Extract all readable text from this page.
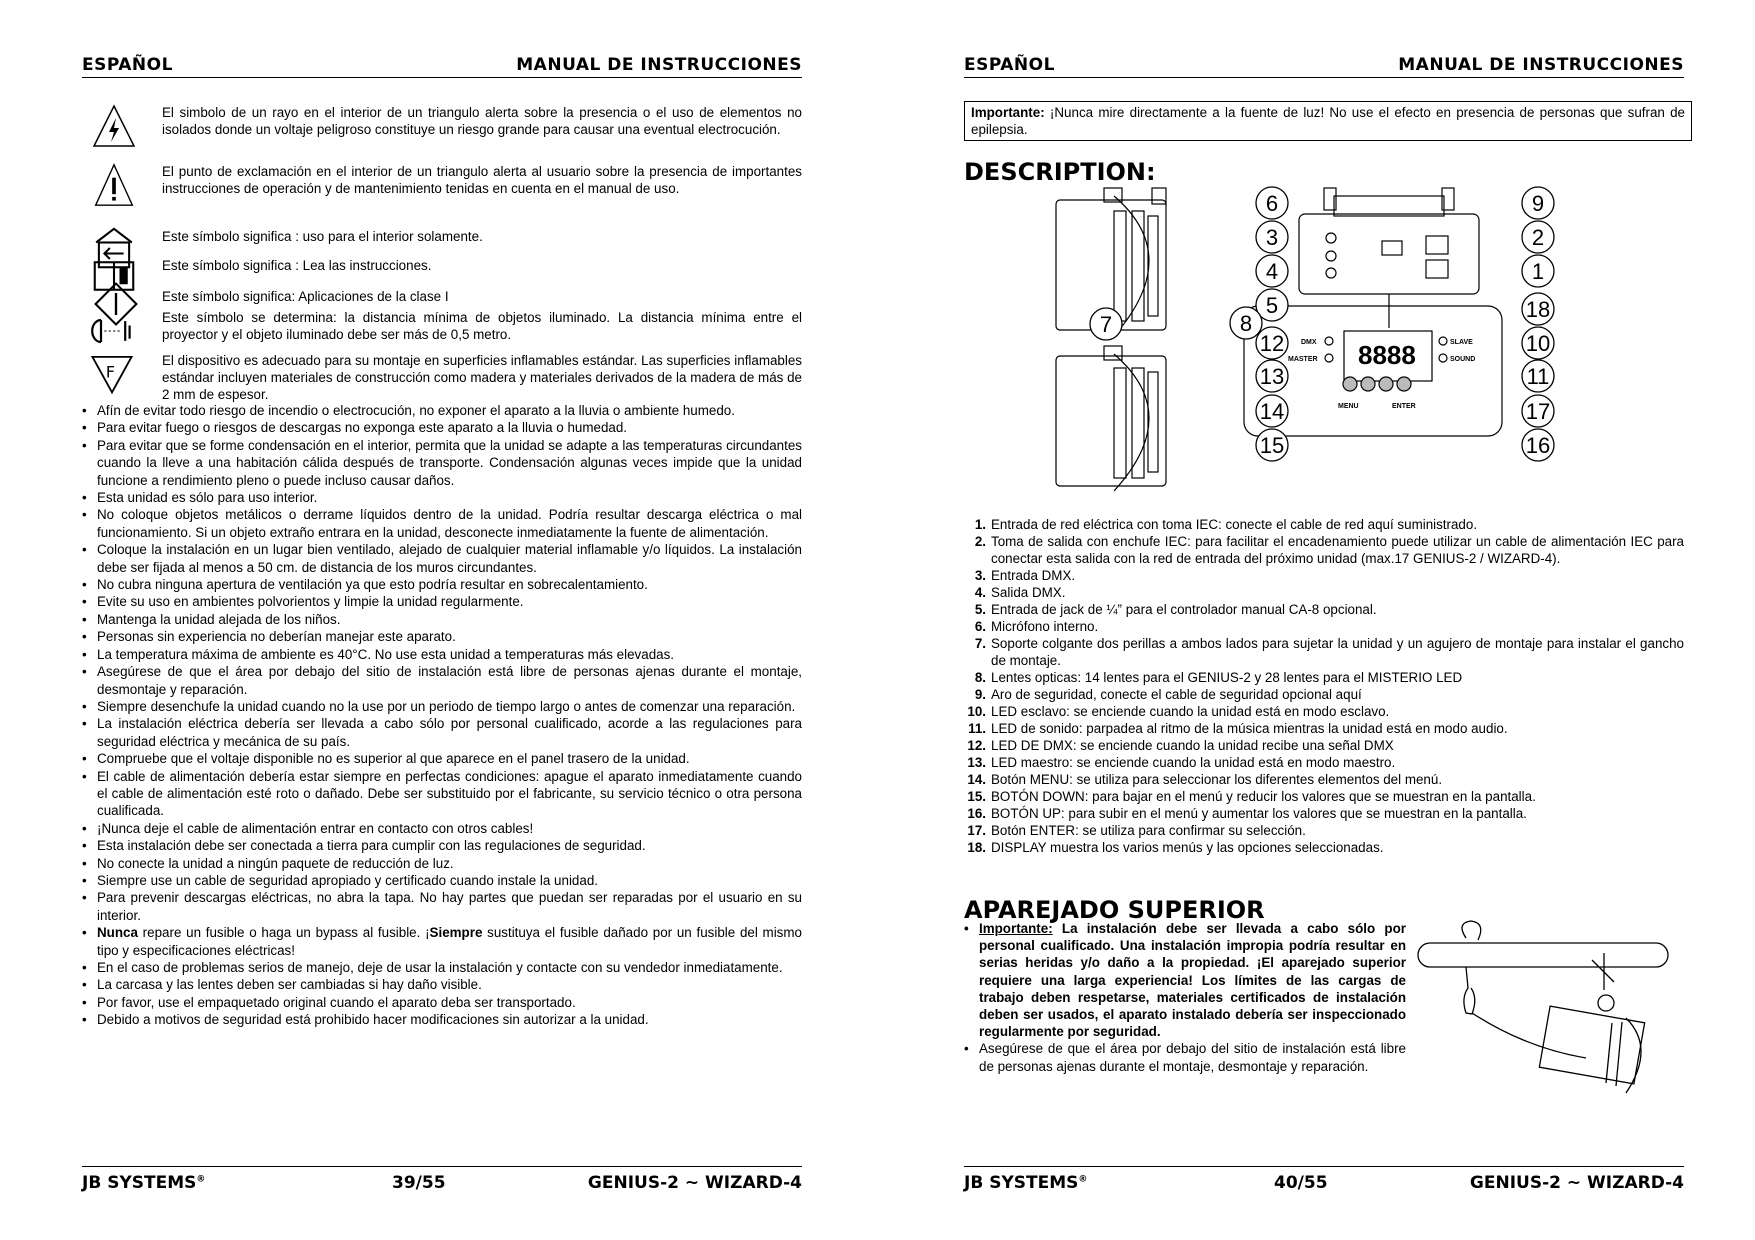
ESPAÑOL	MANUAL DE INSTRUCCIONES
El simbolo de un rayo en el interior de un triangulo alerta sobre la presencia o el uso de elementos no isolados donde un voltaje peligroso constituye un riesgo grande para causar una eventual electrocución.
El punto de exclamación en el interior de un triangulo alerta al usuario sobre la presencia de importantes instrucciones de operación y de mantenimiento tenidas en cuenta en el manual de uso.
Este símbolo significa : uso para el interior solamente.
Este símbolo significa : Lea las instrucciones.
Este símbolo significa: Aplicaciones de la clase I
Este símbolo se determina: la distancia mínima de objetos iluminado. La distancia mínima entre el proyector y el objeto iluminado debe ser más de 0,5 metro.
F
El dispositivo es adecuado para su montaje en superficies inflamables estándar. Las superficies inflamables estándar incluyen materiales de construcción como madera y materiales derivados de la madera de más de 2 mm de espesor.
• Afín de evitar todo riesgo de incendio o electrocución, no exponer el aparato a la lluvia o ambiente humedo.
• Para evitar fuego o riesgos de descargas no exponga este aparato a la lluvia o humedad.
• Para evitar que se forme condensación en el interior, permita que la unidad se adapte a las temperaturas circundantes cuando la lleve a una habitación cálida después de transporte. Condensación algunas veces impide que la unidad funcione a rendimiento pleno o puede incluso causar daños.
• Esta unidad es sólo para uso interior.
• No coloque objetos metálicos o derrame líquidos dentro de la unidad. Podría resultar descarga eléctrica o mal funcionamiento. Si un objeto extraño entrara en la unidad, desconecte inmediatamente la fuente de alimentación.
• Coloque la instalación en un lugar bien ventilado, alejado de cualquier material inflamable y/o líquidos. La instalación debe ser fijada al menos a 50 cm. de distancia de los muros circundantes.
• No cubra ninguna apertura de ventilación ya que esto podría resultar en sobrecalentamiento.
• Evite su uso en ambientes polvorientos y limpie la unidad regularmente.
• Mantenga la unidad alejada de los niños.
• Personas sin experiencia no deberían manejar este aparato.
• La temperatura máxima de ambiente es 40°C. No use esta unidad a temperaturas más elevadas.
• Asegúrese de que el área por debajo del sitio de instalación está libre de personas ajenas durante el montaje, desmontaje y reparación.
• Siempre desenchufe la unidad cuando no la use por un periodo de tiempo largo o antes de comenzar una reparación.
• La instalación eléctrica debería ser llevada a cabo sólo por personal cualificado, acorde a las regulaciones para seguridad eléctrica y mecánica de su país.
• Compruebe que el voltaje disponible no es superior al que aparece en el panel trasero de la unidad.
• El cable de alimentación debería estar siempre en perfectas condiciones: apague el aparato inmediatamente cuando el cable de alimentación esté roto o dañado. Debe ser substituido por el fabricante, su servicio técnico o otra persona cualificada.
• ¡Nunca deje el cable de alimentación entrar en contacto con otros cables!
• Esta instalación debe ser conectada a tierra para cumplir con las regulaciones de seguridad.
• No conecte la unidad a ningún paquete de reducción de luz.
• Siempre use un cable de seguridad apropiado y certificado cuando instale la unidad.
• Para prevenir descargas eléctricas, no abra la tapa. No hay partes que puedan ser reparadas por el usuario en su interior.
• Nunca repare un fusible o haga un bypass al fusible. ¡Siempre sustituya el fusible dañado por un fusible del mismo tipo y especificaciones eléctricas!
• En el caso de problemas serios de manejo, deje de usar la instalación y contacte con su vendedor inmediatamente.
• La carcasa y las lentes deben ser cambiadas si hay daño visible.
• Por favor, use el empaquetado original cuando el aparato deba ser transportado.
• Debido a motivos de seguridad está prohibido hacer modificaciones sin autorizar a la unidad.
JB SYSTEMS®	39/55	GENIUS-2 ~ WIZARD-4
ESPAÑOL	MANUAL DE INSTRUCCIONES
Importante: ¡Nunca mire directamente a la fuente de luz! No use el efecto en presencia de personas que sufran de epilepsia.
DESCRIPTION:
8888
DMX
MASTER
SLAVE
SOUND
MENU	ENTER
6
3
4
5
7	8
9
2
1
18
12
13
14
15
10
11
17
16
1. Entrada de red eléctrica con toma IEC: conecte el cable de red aquí suministrado.
2. Toma de salida con enchufe IEC: para facilitar el encadenamiento puede utilizar un cable de alimentación IEC para conectar esta salida con la red de entrada del próximo unidad (max.17 GENIUS-2 / WIZARD-4).
3. Entrada DMX.
4. Salida DMX.
5. Entrada de jack de ¼” para el controlador manual CA-8 opcional.
6. Micrófono interno.
7. Soporte colgante dos perillas a ambos lados para sujetar la unidad y un agujero de montaje para instalar el gancho de montaje.
8. Lentes opticas: 14 lentes para el GENIUS-2 y 28 lentes para el MISTERIO LED
9. Aro de seguridad, conecte el cable de seguridad opcional aquí
10. LED esclavo: se enciende cuando la unidad está en modo esclavo.
11. LED de sonido: parpadea al ritmo de la música mientras la unidad está en modo audio.
12. LED DE DMX: se enciende cuando la unidad recibe una señal DMX
13. LED maestro: se enciende cuando la unidad está en modo maestro.
14. Botón MENU: se utiliza para seleccionar los diferentes elementos del menú.
15. BOTÓN DOWN: para bajar en el menú y reducir los valores que se muestran en la pantalla.
16. BOTÓN UP: para subir en el menú y aumentar los valores que se muestran en la pantalla.
17. Botón ENTER: se utiliza para confirmar su selección.
18. DISPLAY muestra los varios menús y las opciones seleccionadas.
APAREJADO SUPERIOR
• Importante: La instalación debe ser llevada a cabo sólo por personal cualificado. Una instalación impropia podría resultar en serias heridas y/o daño a la propiedad. ¡El aparejado superior requiere una larga experiencia! Los límites de las cargas de trabajo deben respetarse, materiales certificados de instalación deben ser usados, el aparato instalado debería ser inspeccionado regularmente por seguridad.
• Asegúrese de que el área por debajo del sitio de instalación está libre de personas ajenas durante el montaje, desmontaje y reparación.
JB SYSTEMS®	40/55	GENIUS-2 ~ WIZARD-4
